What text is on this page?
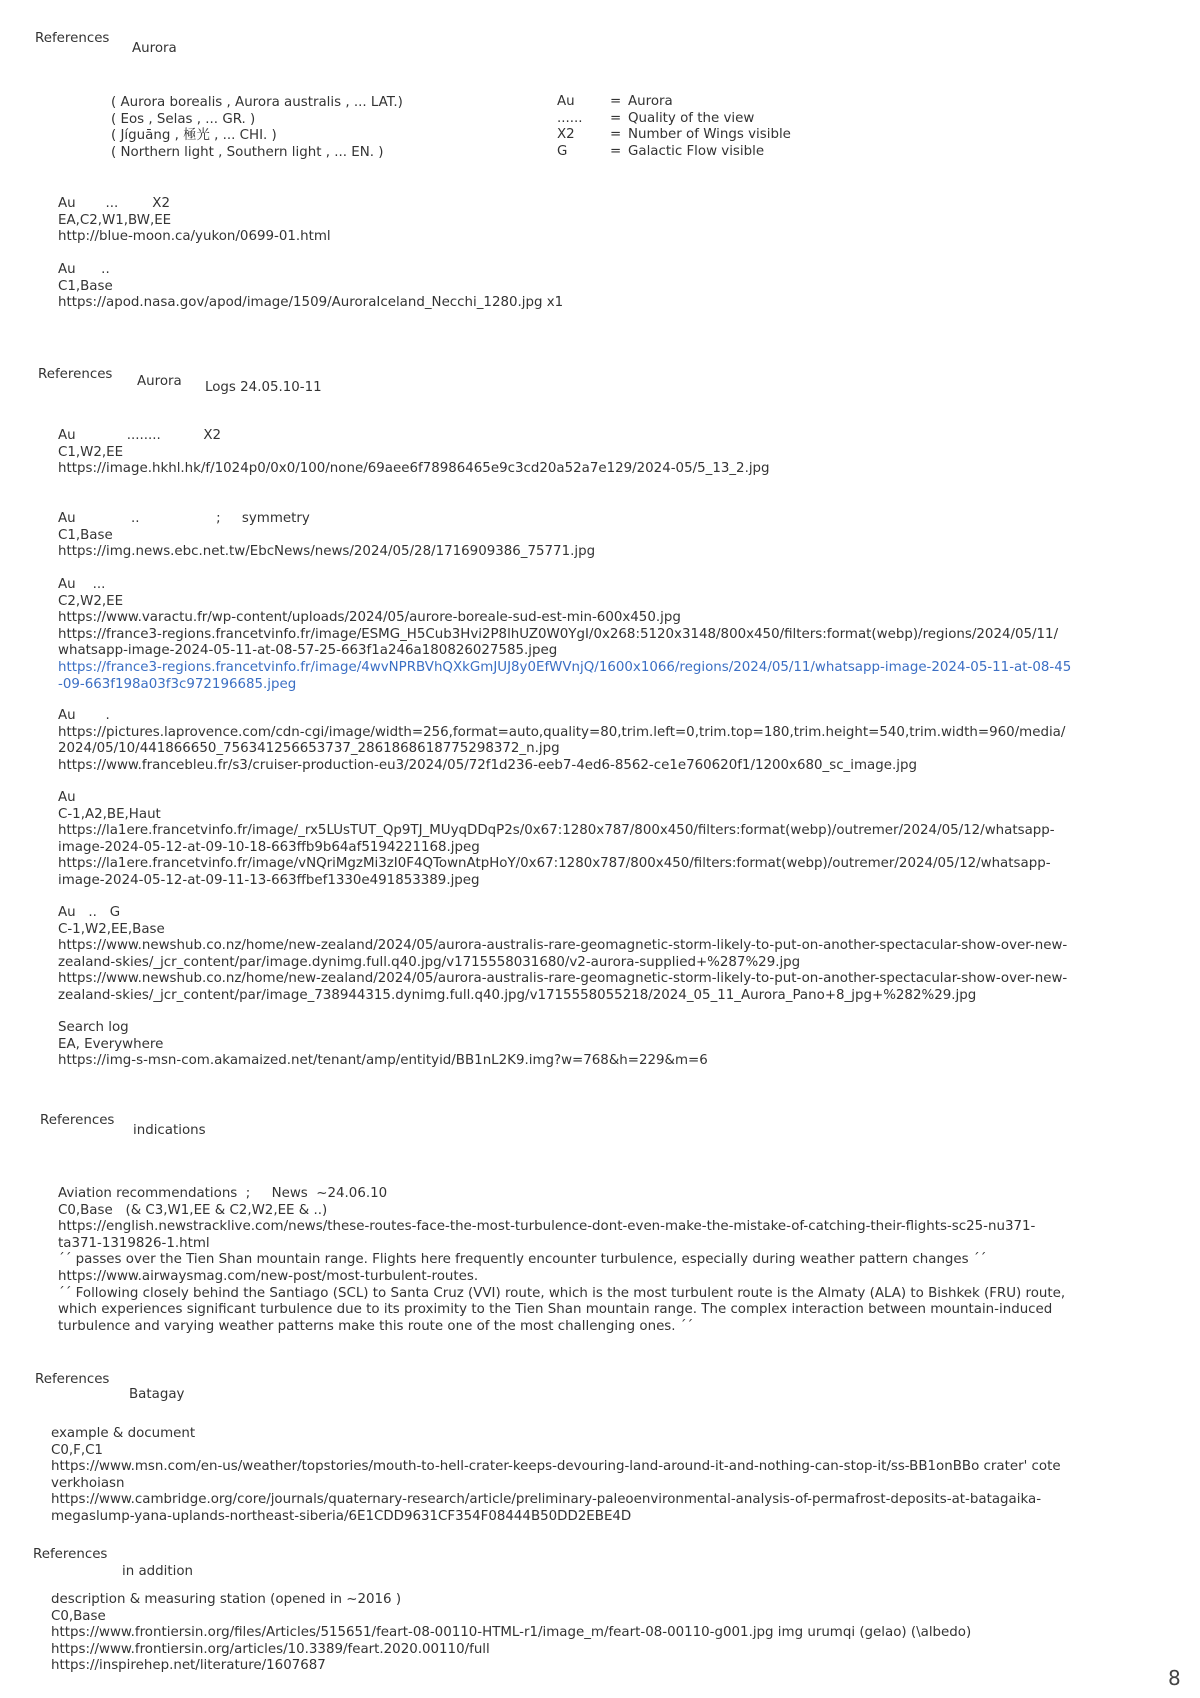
References
Aurora
( Aurora borealis , Aurora australis , ... LAT.)
( Eos , Selas , ... GR. )
( Jíguāng , 極光 , ... CHI. )
( Northern light , Southern light , ... EN. )
Au	= Aurora
......	= Quality of the view
X2	= Number of Wings visible
G	= Galactic Flow visible
Au       ...        X2
EA,C2,W1,BW,EE
http://blue-moon.ca/yukon/0699-01.html
Au      ..
C1,Base
https://apod.nasa.gov/apod/image/1509/AuroraIceland_Necchi_1280.jpg x1
References Aurora Logs 24.05.10-11
Au            ........          X2
C1,W2,EE
https://image.hkhl.hk/f/1024p0/0x0/100/none/69aee6f78986465e9c3cd20a52a7e129/2024-05/5_13_2.jpg
Au             ..                  ;     symmetry
C1,Base
https://img.news.ebc.net.tw/EbcNews/news/2024/05/28/1716909386_75771.jpg
Au    ...
C2,W2,EE
https://www.varactu.fr/wp-content/uploads/2024/05/aurore-boreale-sud-est-min-600x450.jpg
https://france3-regions.francetvinfo.fr/image/ESMG_H5Cub3Hvi2P8lhUZ0W0YgI/0x268:5120x3148/800x450/filters:format(webp)/regions/2024/05/11/
whatsapp-image-2024-05-11-at-08-57-25-663f1a246a180826027585.jpeg
https://france3-regions.francetvinfo.fr/image/4wvNPRBVhQXkGmJUJ8y0EfWVnjQ/1600x1066/regions/2024/05/11/whatsapp-image-2024-05-11-at-08-45
-09-663f198a03f3c972196685.jpeg
Au       .
https://pictures.laprovence.com/cdn-cgi/image/width=256,format=auto,quality=80,trim.left=0,trim.top=180,trim.height=540,trim.width=960/media/
2024/05/10/441866650_756341256653737_2861868618775298372_n.jpg
https://www.francebleu.fr/s3/cruiser-production-eu3/2024/05/72f1d236-eeb7-4ed6-8562-ce1e760620f1/1200x680_sc_image.jpg
Au
C-1,A2,BE,Haut
https://la1ere.francetvinfo.fr/image/_rx5LUsTUT_Qp9TJ_MUyqDDqP2s/0x67:1280x787/800x450/filters:format(webp)/outremer/2024/05/12/whatsapp-
image-2024-05-12-at-09-10-18-663ffb9b64af5194221168.jpeg
https://la1ere.francetvinfo.fr/image/vNQriMgzMi3zI0F4QTownAtpHoY/0x67:1280x787/800x450/filters:format(webp)/outremer/2024/05/12/whatsapp-
image-2024-05-12-at-09-11-13-663ffbef1330e491853389.jpeg
Au   ..   G
C-1,W2,EE,Base
https://www.newshub.co.nz/home/new-zealand/2024/05/aurora-australis-rare-geomagnetic-storm-likely-to-put-on-another-spectacular-show-over-new-
zealand-skies/_jcr_content/par/image.dynimg.full.q40.jpg/v1715558031680/v2-aurora-supplied+%287%29.jpg
https://www.newshub.co.nz/home/new-zealand/2024/05/aurora-australis-rare-geomagnetic-storm-likely-to-put-on-another-spectacular-show-over-new-
zealand-skies/_jcr_content/par/image_738944315.dynimg.full.q40.jpg/v1715558055218/2024_05_11_Aurora_Pano+8_jpg+%282%29.jpg
Search log
EA, Everywhere
https://img-s-msn-com.akamaized.net/tenant/amp/entityid/BB1nL2K9.img?w=768&h=229&m=6
References
indications
Aviation recommendations  ;     News  ~24.06.10
C0,Base   (& C3,W1,EE & C2,W2,EE & ..)
https://english.newstracklive.com/news/these-routes-face-the-most-turbulence-dont-even-make-the-mistake-of-catching-their-flights-sc25-nu371-
ta371-1319826-1.html
´´ passes over the Tien Shan mountain range. Flights here frequently encounter turbulence, especially during weather pattern changes ´´
https://www.airwaysmag.com/new-post/most-turbulent-routes.
´´ Following closely behind the Santiago (SCL) to Santa Cruz (VVI) route, which is the most turbulent route is the Almaty (ALA) to Bishkek (FRU) route,
which experiences significant turbulence due to its proximity to the Tien Shan mountain range. The complex interaction between mountain-induced
turbulence and varying weather patterns make this route one of the most challenging ones. ´´
References
Batagay
example & document
C0,F,C1
https://www.msn.com/en-us/weather/topstories/mouth-to-hell-crater-keeps-devouring-land-around-it-and-nothing-can-stop-it/ss-BB1onBBo crater' cote
verkhoiasn
https://www.cambridge.org/core/journals/quaternary-research/article/preliminary-paleoenvironmental-analysis-of-permafrost-deposits-at-batagaika-
megaslump-yana-uplands-northeast-siberia/6E1CDD9631CF354F08444B50DD2EBE4D
References
in addition
description & measuring station (opened in ~2016 )
C0,Base
https://www.frontiersin.org/files/Articles/515651/feart-08-00110-HTML-r1/image_m/feart-08-00110-g001.jpg img urumqi (gelao) (\albedo)
https://www.frontiersin.org/articles/10.3389/feart.2020.00110/full
https://inspirehep.net/literature/1607687
8
